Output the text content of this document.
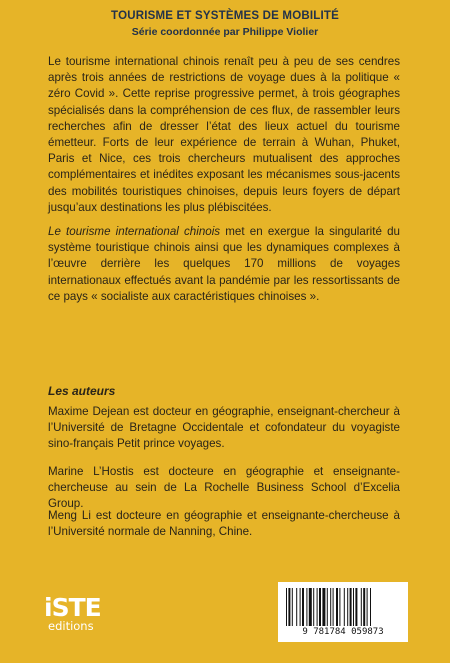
TOURISME ET SYSTÈMES DE MOBILITÉ
Série coordonnée par Philippe Violier

Le tourisme international chinois renaît peu à peu de ses cendres après trois années de restrictions de voyage dues à la politique « zéro Covid ». Cette reprise progressive permet, à trois géographes spécialisés dans la compréhension de ces flux, de rassembler leurs recherches afin de dresser l’état des lieux actuel du tourisme émetteur. Forts de leur expérience de terrain à Wuhan, Phuket, Paris et Nice, ces trois chercheurs mutualisent des approches complémentaires et inédites exposant les mécanismes sous-jacents des mobilités touristiques chinoises, depuis leurs foyers de départ jusqu’aux destinations les plus plébiscitées.

Le tourisme international chinois met en exergue la singularité du système touristique chinois ainsi que les dynamiques complexes à l’œuvre derrière les quelques 170 millions de voyages internationaux effectués avant la pandémie par les ressortissants de ce pays « socialiste aux caractéristiques chinoises ».

Les auteurs

Maxime Dejean est docteur en géographie, enseignant-chercheur à l’Université de Bretagne Occidentale et cofondateur du voyagiste sino-français Petit prince voyages.

Marine L’Hostis est docteure en géographie et enseignante-chercheuse au sein de La Rochelle Business School d’Excelia Group.

Meng Li est docteure en géographie et enseignante-chercheuse à l’Université normale de Nanning, Chine.

iSTE
editions	9 781784 059873
